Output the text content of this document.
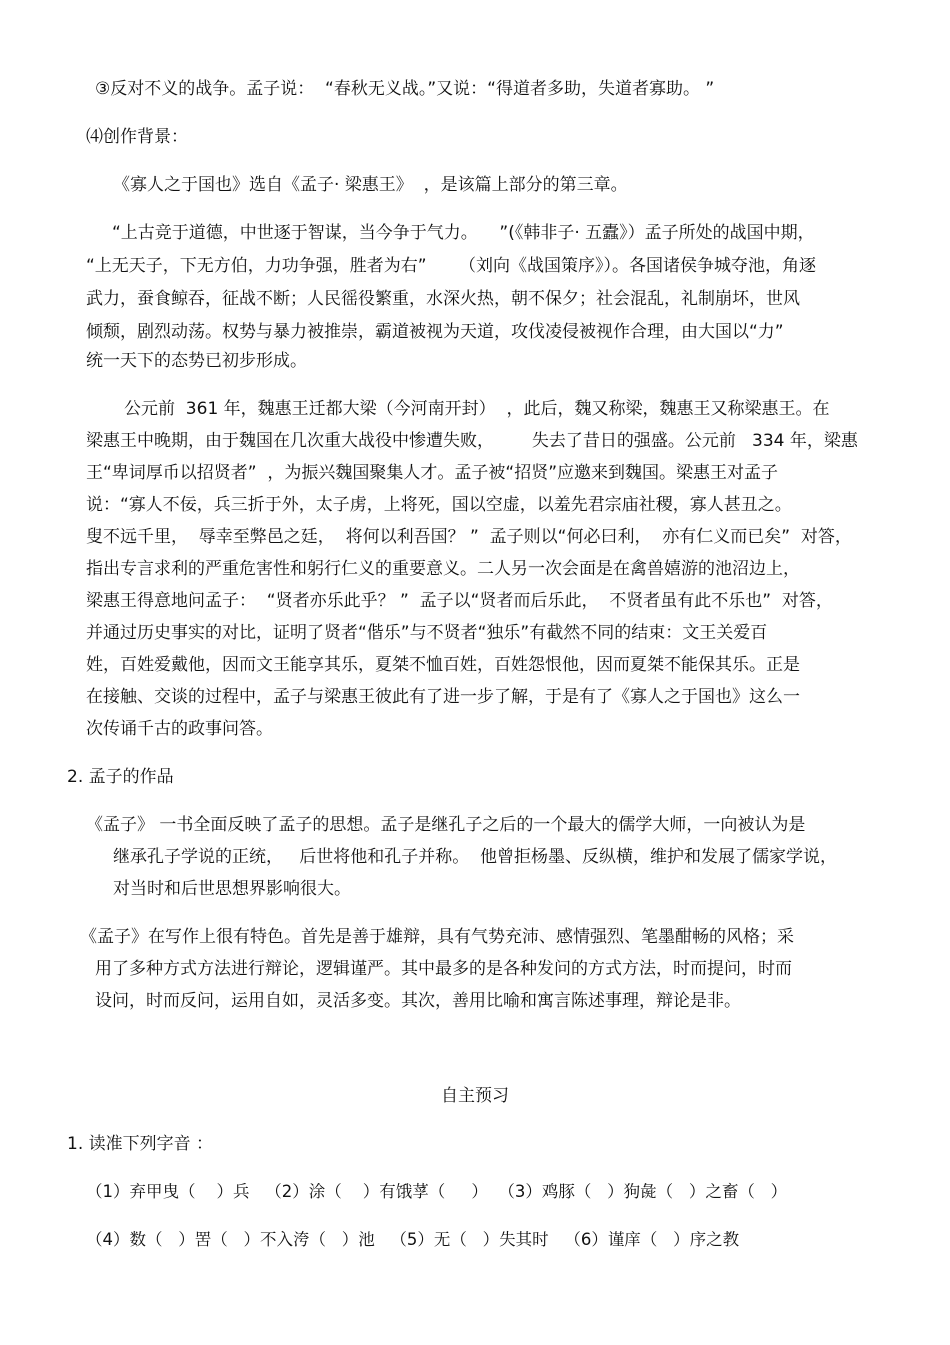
③反对不义的战争。孟子说：  “春秋无义战。”又说：“得道者多助，失道者寡助。 ”
⑷创作背景：
《寡人之于国也》选自《孟子· 梁惠王》  ，是该篇上部分的第三章。
“上古竞于道德，中世逐于智谋，当今争于气力。    ”(《韩非子· 五蠹》）孟子所处的战国中期，
“上无天子，下无方伯，力功争强，胜者为右”      （刘向《战国策序》）。各国诸侯争城夺池，角逐
武力，蚕食鲸吞，征战不断；人民徭役繁重，水深火热，朝不保夕；社会混乱，礼制崩坏，世风
倾颓，剧烈动荡。权势与暴力被推崇，霸道被视为天道，攻伐凌侵被视作合理，由大国以“力”
统一天下的态势已初步形成。
公元前  361 年，魏惠王迁都大梁（今河南开封）  ，此后，魏又称梁，魏惠王又称梁惠王。在
梁惠王中晚期，由于魏国在几次重大战役中惨遭失败，       失去了昔日的强盛。公元前   334 年，梁惠
王“卑词厚币以招贤者”  ，为振兴魏国聚集人才。孟子被“招贤”应邀来到魏国。梁惠王对孟子
说：“寡人不佞，兵三折于外，太子虏，上将死，国以空虚，以羞先君宗庙社稷，寡人甚丑之。
叟不远千里，  辱幸至弊邑之廷，  将何以利吾国？ ”  孟子则以“何必曰利，  亦有仁义而已矣”  对答，
指出专言求利的严重危害性和躬行仁义的重要意义。二人另一次会面是在禽兽嬉游的池沼边上，
梁惠王得意地问孟子：  “贤者亦乐此乎？ ”  孟子以“贤者而后乐此，  不贤者虽有此不乐也”  对答，
并通过历史事实的对比，证明了贤者“偕乐”与不贤者“独乐”有截然不同的结束：文王关爱百
姓，百姓爱戴他，因而文王能享其乐，夏桀不恤百姓，百姓怨恨他，因而夏桀不能保其乐。正是
在接触、交谈的过程中，孟子与梁惠王彼此有了进一步了解，于是有了《寡人之于国也》这么一
次传诵千古的政事问答。
2. 孟子的作品
《孟子》 一书全面反映了孟子的思想。孟子是继孔子之后的一个最大的儒学大师，一向被认为是
继承孔子学说的正统，   后世将他和孔子并称。  他曾拒杨墨、反纵横，维护和发展了儒家学说，
对当时和后世思想界影响很大。
《孟子》在写作上很有特色。首先是善于雄辩，具有气势充沛、感情强烈、笔墨酣畅的风格；采
用了多种方式方法进行辩论，逻辑谨严。其中最多的是各种发问的方式方法，时而提问，时而
设问，时而反问，运用自如，灵活多变。其次，善用比喻和寓言陈述事理，辩论是非。
自主预习
1. 读准下列字音 ：
（1）弃甲曳（    ）兵   （2）涂（    ）有饿莩（     ）  （3）鸡豚（   ）狗彘（   ）之畜（   ）
（4）数（   ）罟（   ）不入洿（   ）池   （5）无（   ）失其时   （6）谨庠（   ）序之教
